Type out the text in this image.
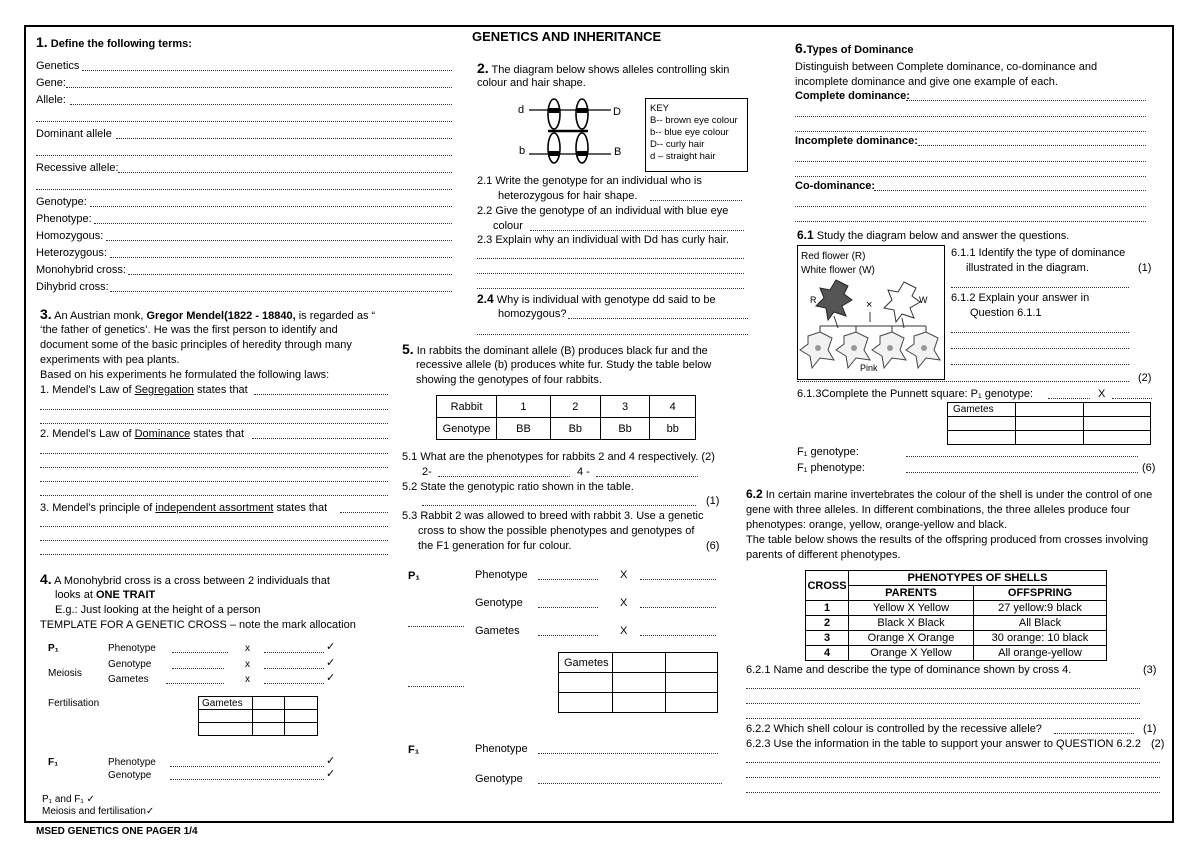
GENETICS AND INHERITANCE
1. Define the following terms:
Genetics
Gene:
Allele:
Dominant allele
Recessive allele:
Genotype:
Phenotype:
Homozygous:
Heterozygous:
Monohybrid cross:
Dihybrid cross:
3. An Austrian monk, Gregor Mendel(1822 - 18840, is regarded as “
‘the father of genetics’. He was the first person to identify and
document some of the basic principles of heredity through many
experiments with pea plants.
Based on his experiments he formulated the following laws:
1. Mendel’s Law of Segregation states that
2. Mendel’s Law of Dominance states that
3. Mendel’s principle of independent assortment states that
4. A Monohybrid cross is a cross between 2 individuals that
looks at ONE TRAIT
E.g.: Just looking at the height of a person
TEMPLATE FOR A GENETIC CROSS – note the mark allocation
P₁	Phenotype	x	✓
Meiosis
Genotype	x	✓
Gametes	x	✓
Fertilisation	Gametes		

F₁	Phenotype	✓
Genotype	✓
P₁ and F₁ ✓
Meiosis and fertilisation✓
MSED GENETICS ONE PAGER 1/4
2. The diagram below shows alleles controlling skin
colour and hair shape.
d	D
b	B
KEY
B-- brown eye colour
b-- blue eye colour
D-- curly hair
d – straight hair
2.1 Write the genotype for an individual who is
heterozygous for hair shape.
2.2 Give the genotype of an individual with blue eye
colour
2.3 Explain why an individual with Dd has curly hair.
2.4 Why is individual with genotype dd said to be
homozygous?
5. In rabbits the dominant allele (B) produces black fur and the
recessive allele (b) produces white fur. Study the table below
showing the genotypes of four rabbits.
Rabbit	1	2	3	4
Genotype	BB	Bb	Bb	bb
5.1 What are the phenotypes for rabbits 2 and 4 respectively. (2)
2-	4 -
5.2 State the genotypic ratio shown in the table.
(1)
5.3 Rabbit 2 was allowed to breed with rabbit 3. Use a genetic
cross to show the possible phenotypes and genotypes of
the F1 generation for fur colour.	(6)
P₁	Phenotype	X
Genotype	X
Gametes	X
Gametes		

F₁	Phenotype
Genotype
6.Types of Dominance
Distinguish between Complete dominance, co-dominance and
incomplete dominance and give one example of each.
Complete dominance:
Incomplete dominance:
Co-dominance:
6.1 Study the diagram below and answer the questions.
Red flower (R)
White flower (W)
R	W
×
Pink
6.1.1 Identify the type of dominance
illustrated in the diagram.	(1)
6.1.2 Explain your answer in
Question 6.1.1
(2)
6.1.3Complete the Punnett square: P₁ genotype:	X
Gametes		

F₁ genotype:
F₁ phenotype:	(6)
6.2 In certain marine invertebrates the colour of the shell is under the control of one
gene with three alleles. In different combinations, the three alleles produce four
phenotypes: orange, yellow, orange-yellow and black.
The table below shows the results of the offspring produced from crosses involving
parents of different phenotypes.
CROSS	PHENOTYPES OF SHELLS	
	PARENTS	OFFSPRING
1	Yellow X Yellow	27 yellow:9 black
2	Black X Black	All Black
3	Orange X Orange	30 orange: 10 black
4	Orange X Yellow	All orange-yellow
6.2.1 Name and describe the type of dominance shown by cross 4.	(3)
6.2.2 Which shell colour is controlled by the recessive allele?	(1)
6.2.3 Use the information in the table to support your answer to QUESTION 6.2.2 (2)
